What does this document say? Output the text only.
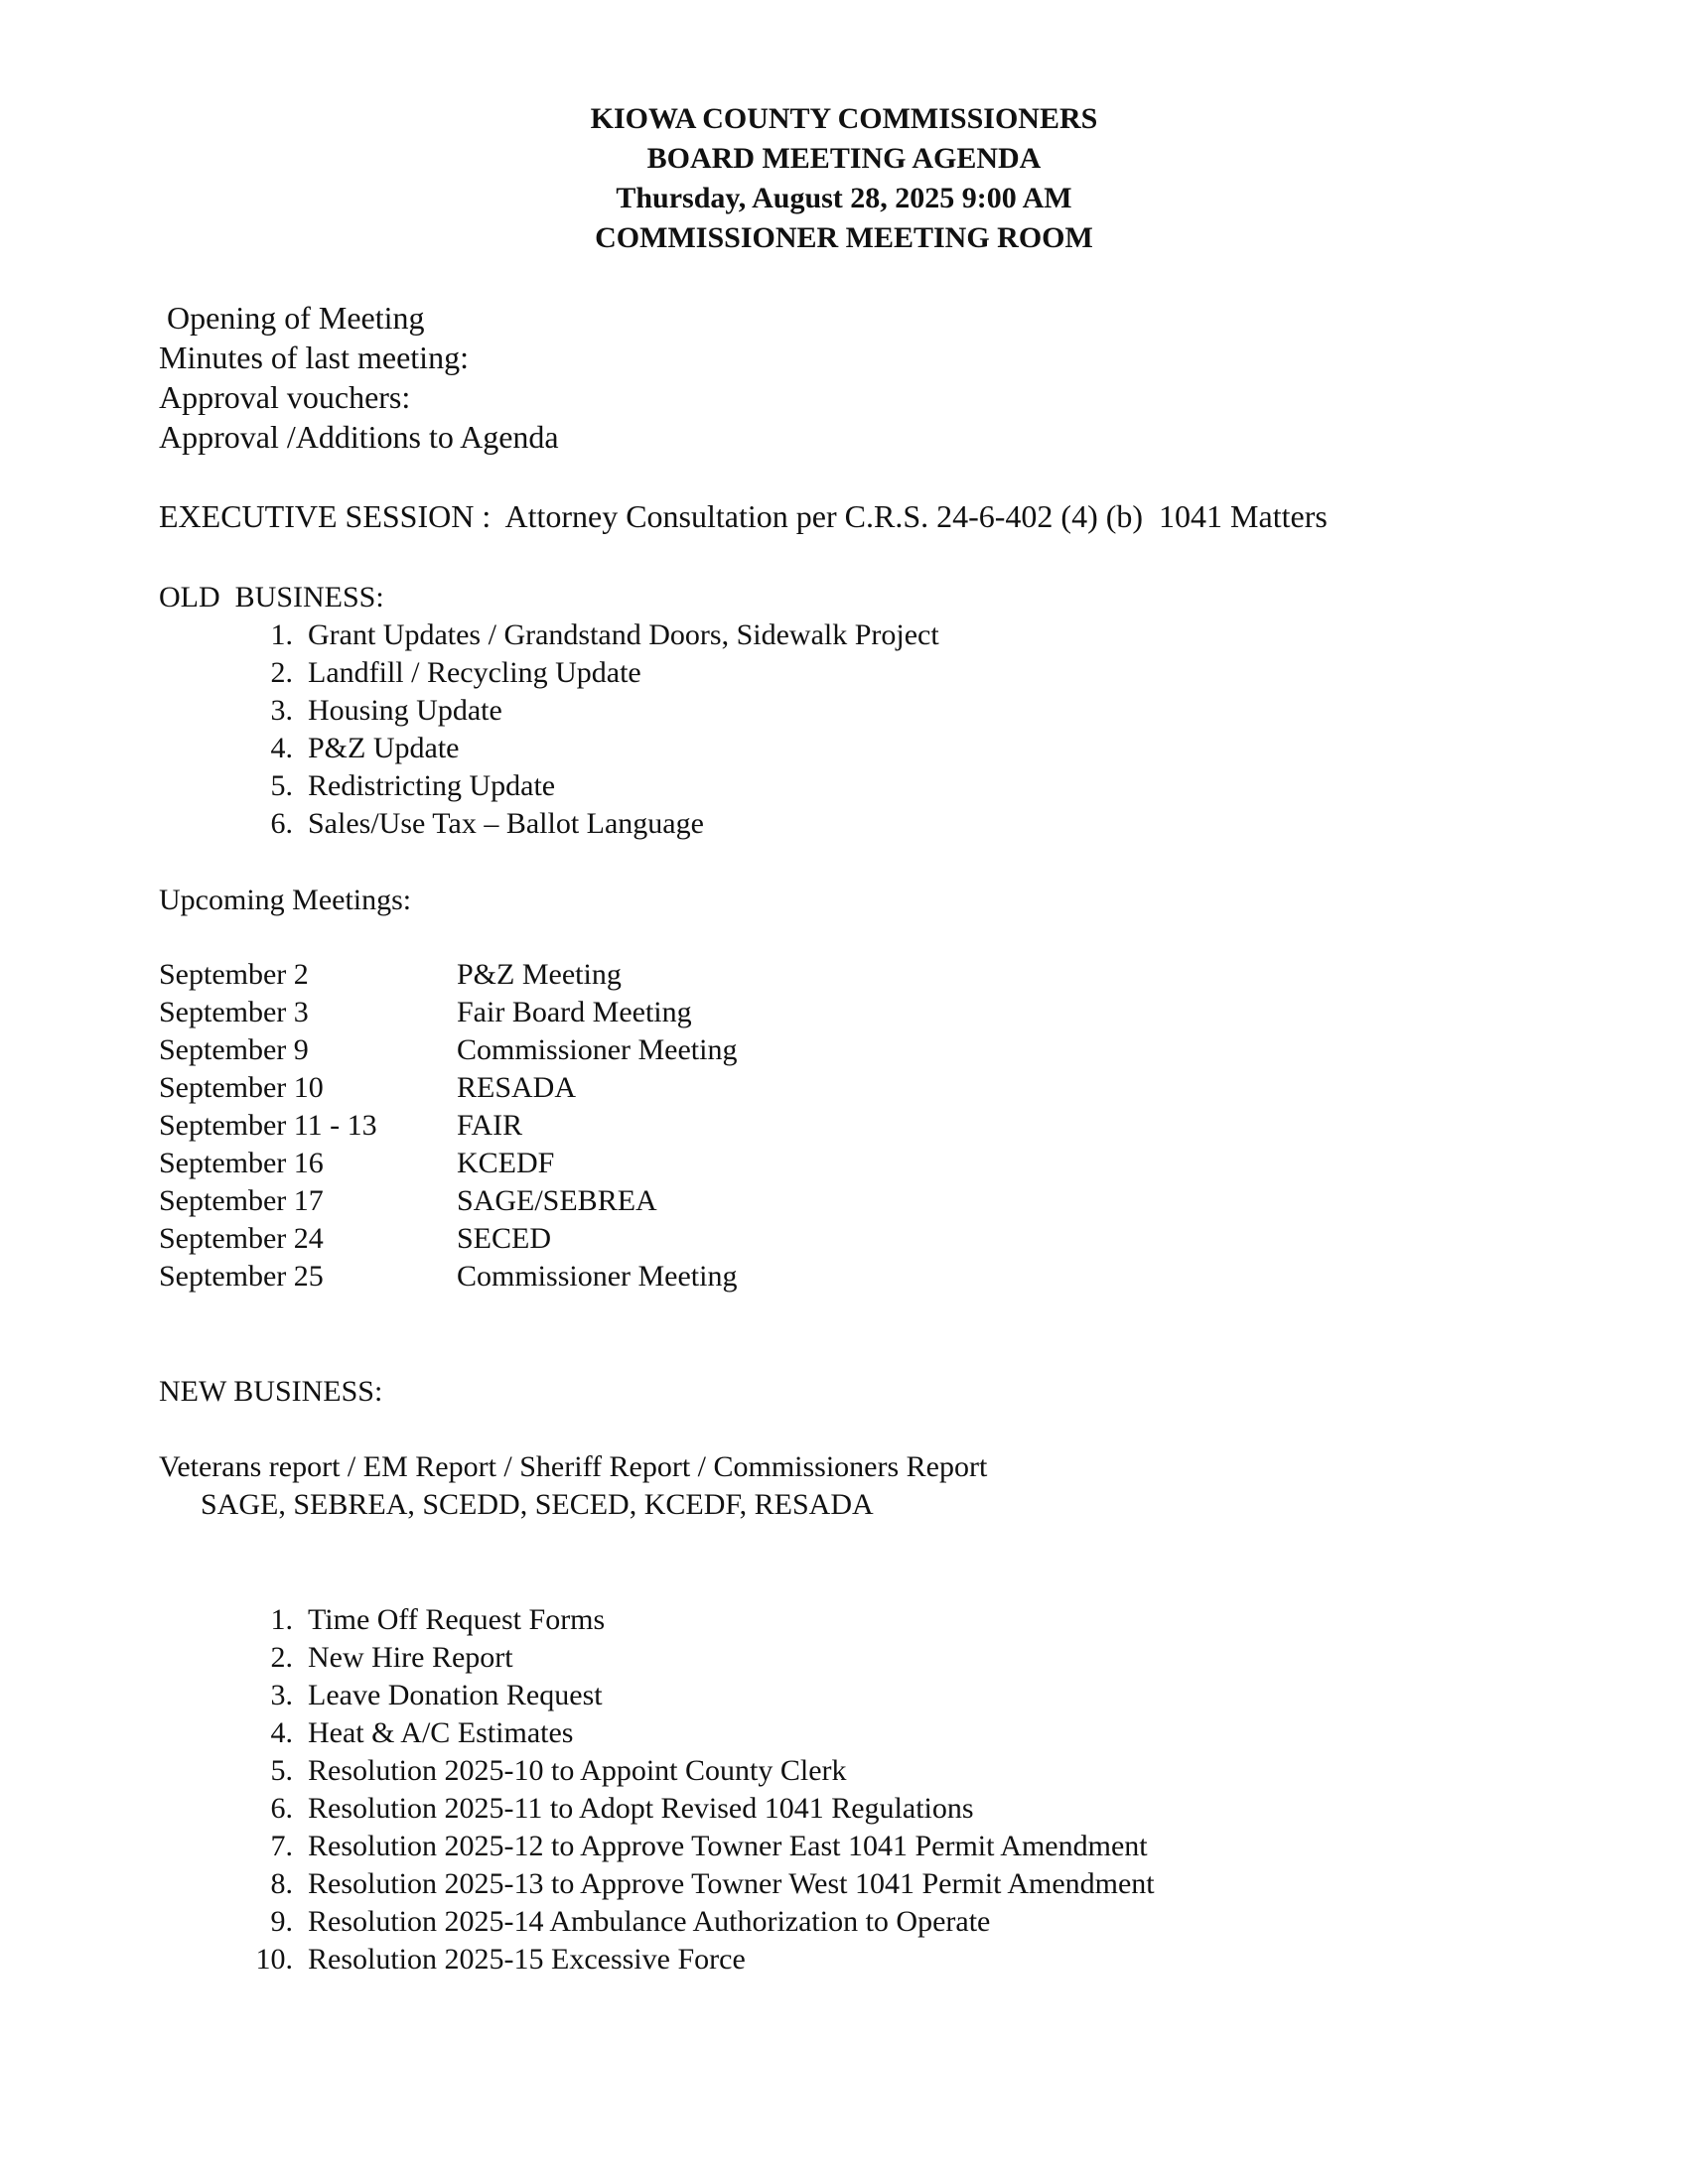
KIOWA COUNTY COMMISSIONERS
BOARD MEETING AGENDA
Thursday, August 28, 2025 9:00 AM
COMMISSIONER MEETING ROOM
Opening of Meeting
Minutes of last meeting:
Approval vouchers:
Approval /Additions to Agenda
EXECUTIVE SESSION :  Attorney Consultation per C.R.S. 24-6-402 (4) (b)  1041 Matters
OLD  BUSINESS:
1. Grant Updates / Grandstand Doors, Sidewalk Project
2. Landfill / Recycling Update
3. Housing Update
4. P&Z Update
5. Redistricting Update
6. Sales/Use Tax – Ballot Language
Upcoming Meetings:
September 2	P&Z Meeting
September 3	Fair Board Meeting
September 9	Commissioner Meeting
September 10	RESADA
September 11 - 13	FAIR
September 16	KCEDF
September 17	SAGE/SEBREA
September 24	SECED
September 25	Commissioner Meeting
NEW BUSINESS:
Veterans report / EM Report / Sheriff Report / Commissioners Report
SAGE, SEBREA, SCEDD, SECED, KCEDF, RESADA
1. Time Off Request Forms
2. New Hire Report
3. Leave Donation Request
4. Heat & A/C Estimates
5. Resolution 2025-10 to Appoint County Clerk
6. Resolution 2025-11 to Adopt Revised 1041 Regulations
7. Resolution 2025-12 to Approve Towner East 1041 Permit Amendment
8. Resolution 2025-13 to Approve Towner West 1041 Permit Amendment
9. Resolution 2025-14 Ambulance Authorization to Operate
10. Resolution 2025-15 Excessive Force
